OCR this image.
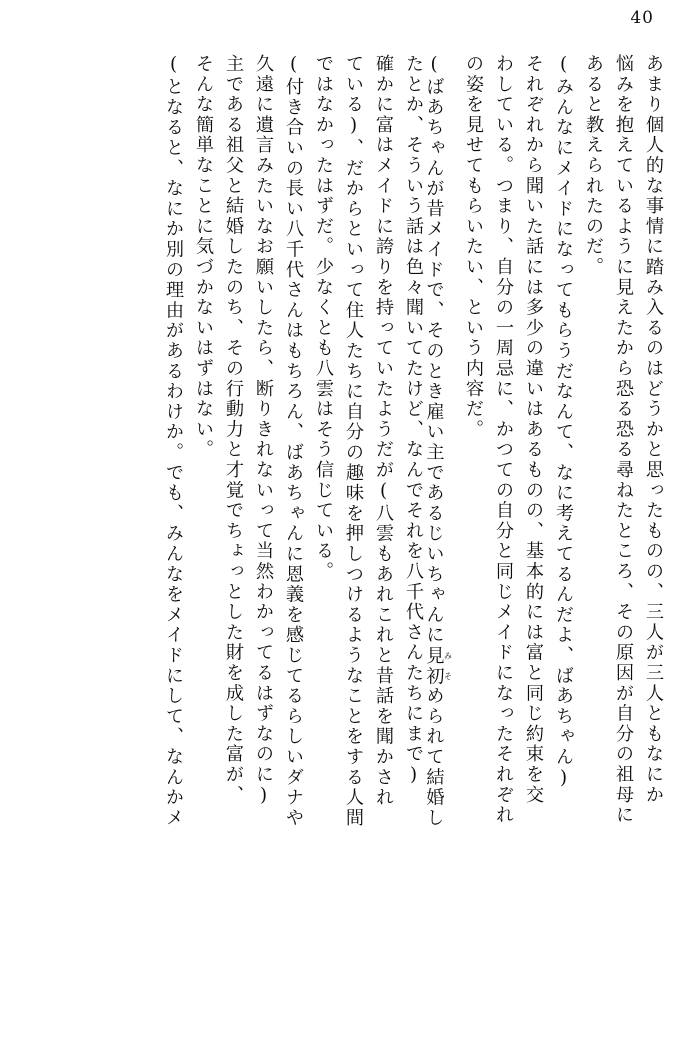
40
あまり個人的な事情に踏み入るのはどうかと思ったものの、三人が三人ともなにか
悩みを抱えているように見えたから恐る恐る尋ねたところ、その原因が自分の祖母に
あると教えられたのだ。
(みんなにメイドになってもらうだなんて、なに考えてるんだよ、ばあちゃん)
それぞれから聞いた話には多少の違いはあるものの、基本的には富と同じ約束を交
わしている。つまり、自分の一周忌に、かつての自分と同じメイドになったそれぞれ
の姿を見せてもらいたい、という内容だ。
(ばあちゃんが昔メイドで、そのとき雇い主であるじいちゃんに見初 みそめられて結婚し
たとか、そういう話は色々聞いてたけど、なんでそれを八千代さんたちにまで)
確かに富はメイドに誇りを持っていたようだが(八雲もあれこれと昔話を聞かされ
ている)、だからといって住人たちに自分の趣味を押しつけるようなことをする人間
ではなかったはずだ。少なくとも八雲はそう信じている。
(付き合いの長い八千代さんはもちろん、ばあちゃんに恩義を感じてるらしいダナや
久遠に遺言みたいなお願いしたら、断りきれないって当然わかってるはずなのに)
主である祖父と結婚したのち、その行動力と才覚でちょっとした財を成した富が、
そんな簡単なことに気づかないはずはない。
(となると、なにか別の理由があるわけか。でも、みんなをメイドにして、なんかメ
